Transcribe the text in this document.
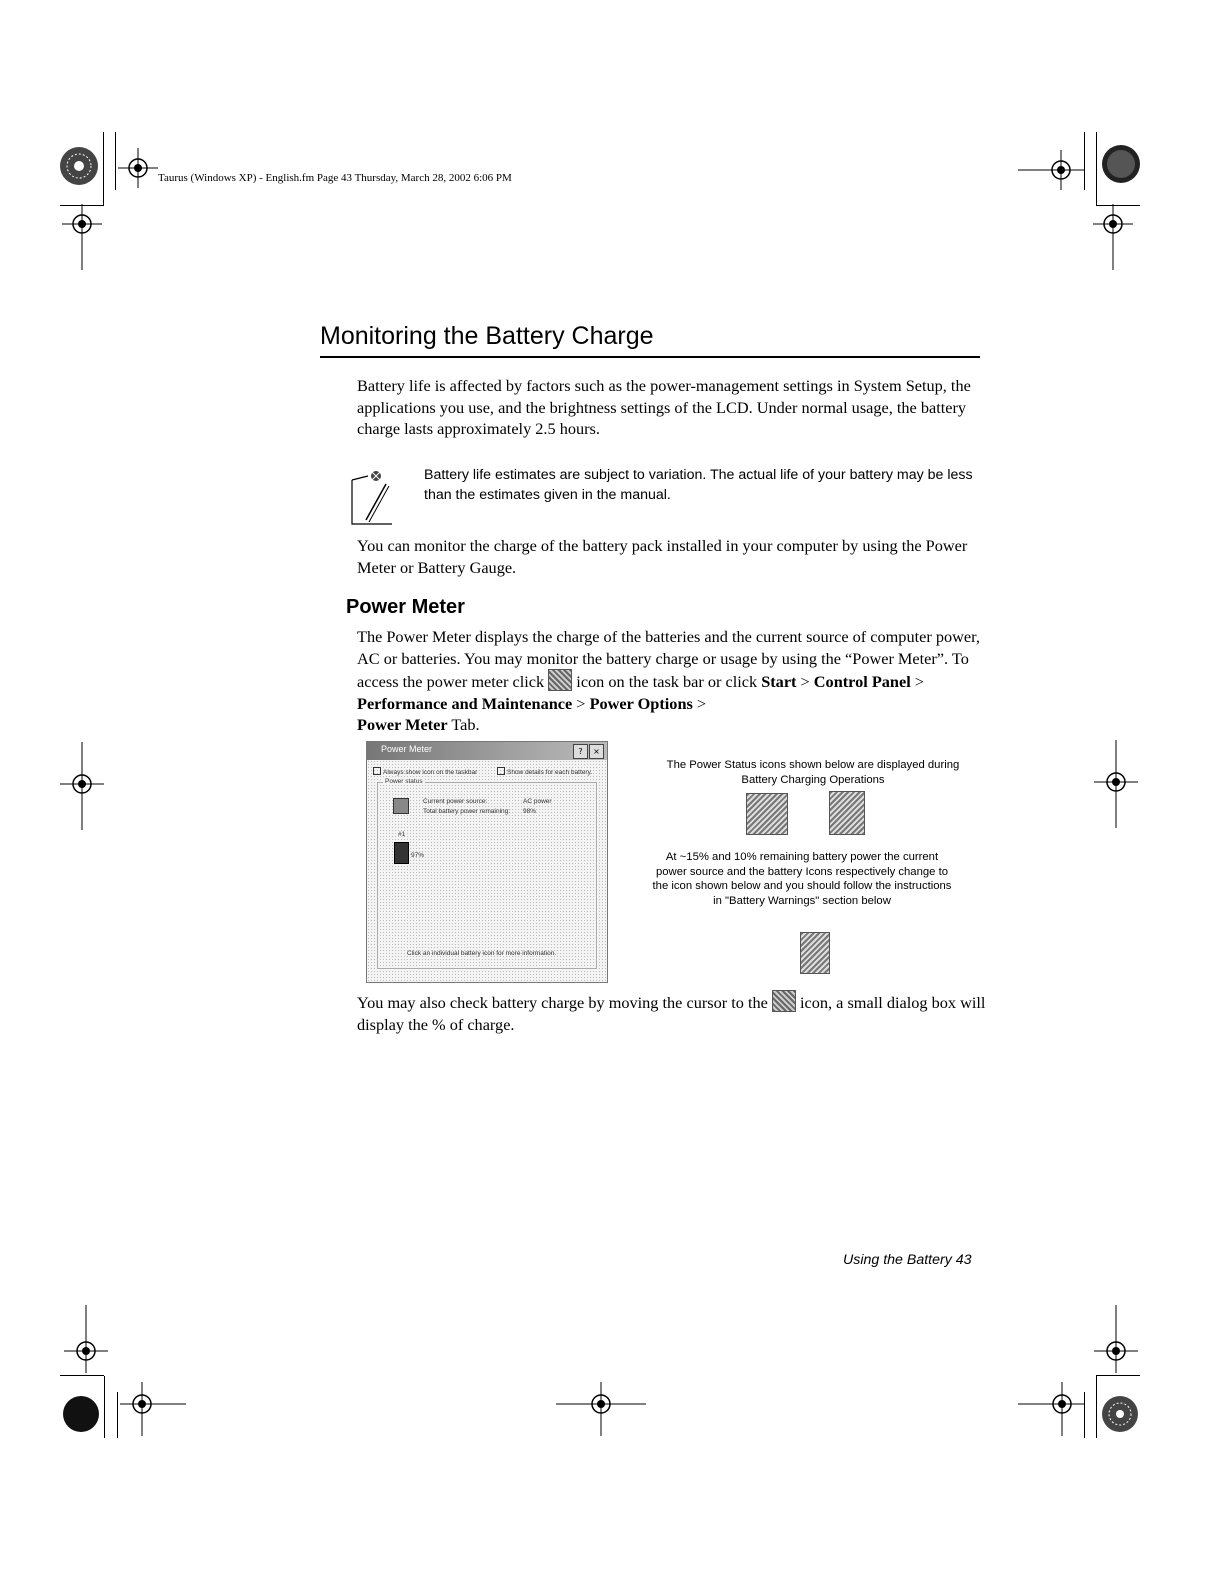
Taurus (Windows XP) - English.fm Page 43 Thursday, March 28, 2002 6:06 PM
Monitoring the Battery Charge
Battery life is affected by factors such as the power-management settings in System Setup, the applications you use, and the brightness settings of the LCD. Under normal usage, the battery charge lasts approximately 2.5 hours.
Battery life estimates are subject to variation. The actual life of your battery may be less than the estimates given in the manual.
You can monitor the charge of the battery pack installed in your computer by using the Power Meter or Battery Gauge.
Power Meter
The Power Meter displays the charge of the batteries and the current source of computer power, AC or batteries. You may monitor the battery charge or usage by using the “Power Meter”. To access the power meter click  icon on the task bar or click Start > Control Panel > Performance and Maintenance > Power Options >
Power Meter Tab.
Power Meter	?	×
Always show icon on the taskbar	Show details for each battery.
Power status
Current power source:	AC power
Total battery power remaining: 98%
#1
97%
Click an individual battery icon for more information.
The Power Status icons shown below are displayed during Battery Charging Operations
At ~15% and 10% remaining battery power the current power source and the battery Icons respectively change to the icon shown below and you should follow the instructions in "Battery Warnings" section below
You may also check battery charge by moving the cursor to the  icon, a small dialog box will display the % of charge.
Using the Battery 43
